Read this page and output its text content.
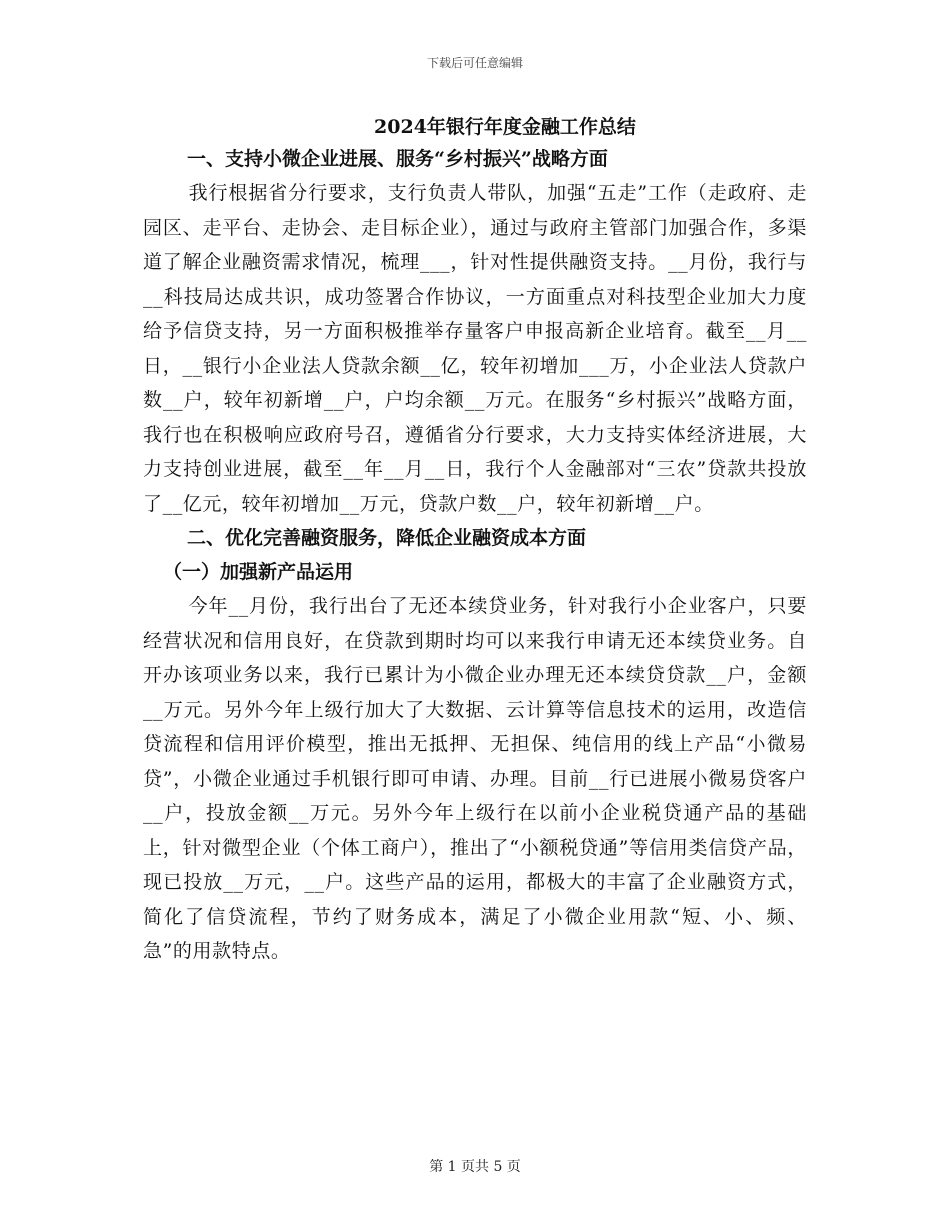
下载后可任意编辑
2024年银行年度金融工作总结
一、支持小微企业进展、服务“乡村振兴”战略方面

我行根据省分行要求，支行负责人带队，加强“五走”工作（走政府、走园区、走平台、走协会、走目标企业），通过与政府主管部门加强合作，多渠道了解企业融资需求情况，梳理___，针对性提供融资支持。__月份，我行与__科技局达成共识，成功签署合作协议，一方面重点对科技型企业加大力度给予信贷支持，另一方面积极推举存量客户申报高新企业培育。截至__月__日，__银行小企业法人贷款余额__亿，较年初增加___万，小企业法人贷款户数__户，较年初新增__户，户均余额__万元。在服务“乡村振兴”战略方面，我行也在积极响应政府号召，遵循省分行要求，大力支持实体经济进展，大力支持创业进展，截至__年__月__日，我行个人金融部对“三农”贷款共投放了__亿元，较年初增加__万元，贷款户数__户，较年初新增__户。

二、优化完善融资服务，降低企业融资成本方面
（一）加强新产品运用

今年__月份，我行出台了无还本续贷业务，针对我行小企业客户，只要经营状况和信用良好，在贷款到期时均可以来我行申请无还本续贷业务。自开办该项业务以来，我行已累计为小微企业办理无还本续贷贷款__户，金额__万元。另外今年上级行加大了大数据、云计算等信息技术的运用，改造信贷流程和信用评价模型，推出无抵押、无担保、纯信用的线上产品“小微易贷”，小微企业通过手机银行即可申请、办理。目前__行已进展小微易贷客户__户，投放金额__万元。另外今年上级行在以前小企业税贷通产品的基础上，针对微型企业（个体工商户），推出了“小额税贷通”等信用类信贷产品，现已投放__万元，__户。这些产品的运用，都极大的丰富了企业融资方式，简化了信贷流程，节约了财务成本，满足了小微企业用款“短、小、频、急”的用款特点。

第 1 页共 5 页
